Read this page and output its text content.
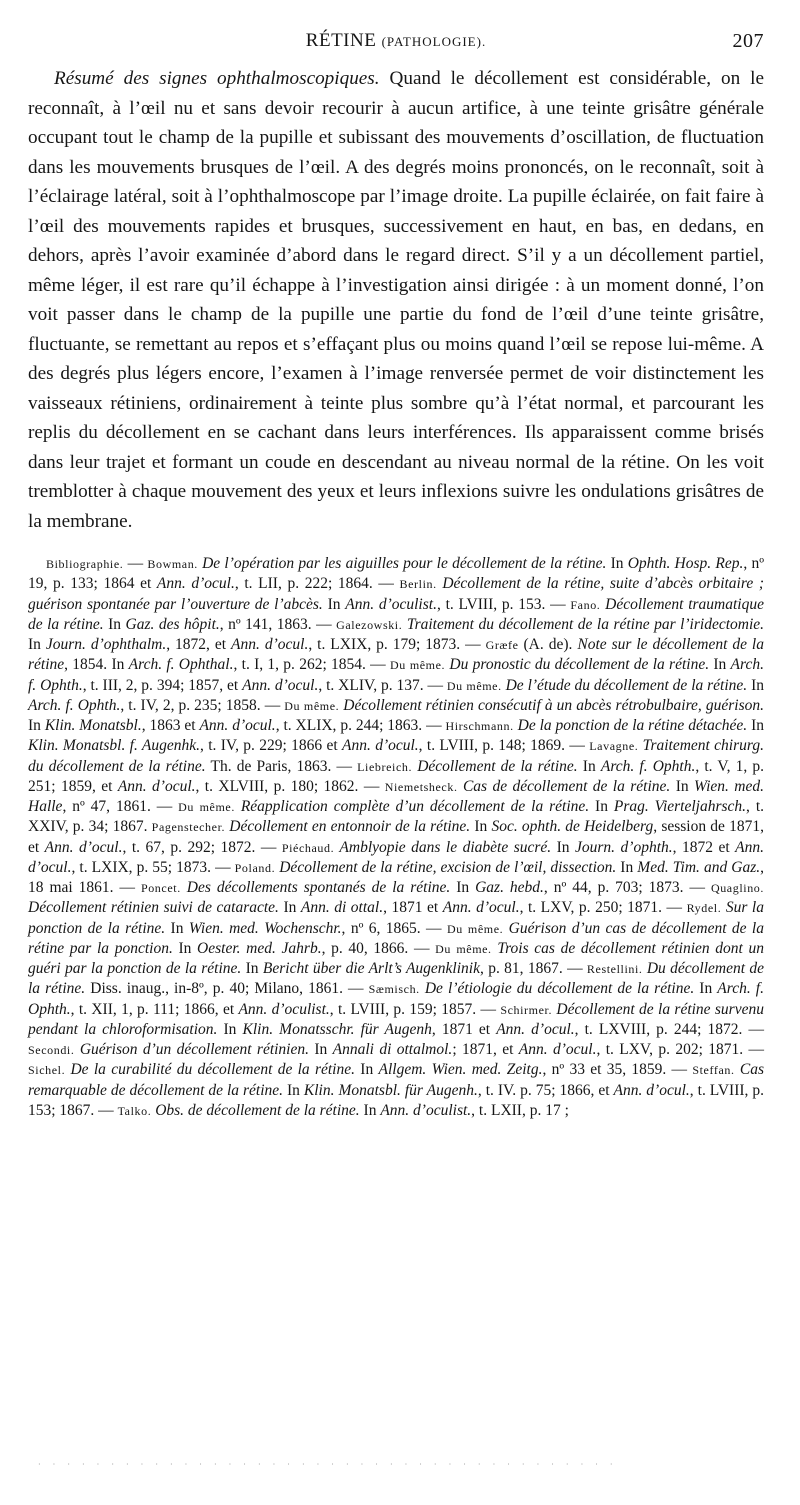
RÉTINE (PATHOLOGIE).	207

Résumé des signes ophthalmoscopiques. Quand le décollement est considérable, on le reconnaît, à l’œil nu et sans devoir recourir à aucun artifice, à une teinte grisâtre générale occupant tout le champ de la pupille et subissant des mouvements d’oscillation, de fluctuation dans les mouvements brusques de l’œil. A des degrés moins prononcés, on le reconnaît, soit à l’éclairage latéral, soit à l’ophthalmoscope par l’image droite. La pupille éclairée, on fait faire à l’œil des mouvements rapides et brusques, successivement en haut, en bas, en dedans, en dehors, après l’avoir examinée d’abord dans le regard direct. S’il y a un décollement partiel, même léger, il est rare qu’il échappe à l’investigation ainsi dirigée : à un moment donné, l’on voit passer dans le champ de la pupille une partie du fond de l’œil d’une teinte grisâtre, fluctuante, se remettant au repos et s’effaçant plus ou moins quand l’œil se repose lui-même. A des degrés plus légers encore, l’examen à l’image renversée permet de voir distinctement les vaisseaux rétiniens, ordinairement à teinte plus sombre qu’à l’état normal, et parcourant les replis du décollement en se cachant dans leurs interférences. Ils apparaissent comme brisés dans leur trajet et formant un coude en descendant au niveau normal de la rétine. On les voit tremblotter à chaque mouvement des yeux et leurs inflexions suivre les ondulations grisâtres de la membrane.

Bibliographie. — Bowman. De l’opération par les aiguilles pour le décollement de la rétine. In Ophth. Hosp. Rep., nº 19, p. 133; 1864 et Ann. d’ocul., t. LII, p. 222; 1864. — Berlin. Décollement de la rétine, suite d’abcès orbitaire ; guérison spontanée par l’ouverture de l’abcès. In Ann. d’oculist., t. LVIII, p. 153. — Fano. Décollement traumatique de la rétine. In Gaz. des hôpit., nº 141, 1863. — Galezowski. Traitement du décollement de la rétine par l’iridectomie. In Journ. d’ophthalm., 1872, et Ann. d’ocul., t. LXIX, p. 179; 1873. — Græfe (A. de). Note sur le décollement de la rétine, 1854. In Arch. f. Ophthal., t. I, 1, p. 262; 1854. — Du même. Du pronostic du décollement de la rétine. In Arch. f. Ophth., t. III, 2, p. 394; 1857, et Ann. d’ocul., t. XLIV, p. 137. — Du même. De l’étude du décollement de la rétine. In Arch. f. Ophth., t. IV, 2, p. 235; 1858. — Du même. Décollement rétinien consécutif à un abcès rétrobulbaire, guérison. In Klin. Monatsbl., 1863 et Ann. d’ocul., t. XLIX, p. 244; 1863. — Hirschmann. De la ponction de la rétine détachée. In Klin. Monatsbl. f. Augenhk., t. IV, p. 229; 1866 et Ann. d’ocul., t. LVIII, p. 148; 1869. — Lavagne. Traitement chirurg. du décollement de la rétine. Th. de Paris, 1863. — Liebreich. Décollement de la rétine. In Arch. f. Ophth., t. V, 1, p. 251; 1859, et Ann. d’ocul., t. XLVIII, p. 180; 1862. — Niemetsheck. Cas de décollement de la rétine. In Wien. med. Halle, nº 47, 1861. — Du même. Réapplication complète d’un décollement de la rétine. In Prag. Vierteljahrsch., t. XXIV, p. 34; 1867. Pagenstecher. Décollement en entonnoir de la rétine. In Soc. ophth. de Heidelberg, session de 1871, et Ann. d’ocul., t. 67, p. 292; 1872. — Piéchaud. Amblyopie dans le diabète sucré. In Journ. d’ophth., 1872 et Ann. d’ocul., t. LXIX, p. 55; 1873. — Poland. Décollement de la rétine, excision de l’œil, dissection. In Med. Tim. and Gaz., 18 mai 1861. — Poncet. Des décollements spontanés de la rétine. In Gaz. hebd., nº 44, p. 703; 1873. — Quaglino. Décollement rétinien suivi de cataracte. In Ann. di ottal., 1871 et Ann. d’ocul., t. LXV, p. 250; 1871. — Rydel. Sur la ponction de la rétine. In Wien. med. Wochenschr., nº 6, 1865. — Du même. Guérison d’un cas de décollement de la rétine par la ponction. In Oester. med. Jahrb., p. 40, 1866. — Du même. Trois cas de décollement rétinien dont un guéri par la ponction de la rétine. In Bericht über die Arlt’s Augenklinik, p. 81, 1867. — Restellini. Du décollement de la rétine. Diss. inaug., in-8º, p. 40; Milano, 1861. — Sæmisch. De l’étiologie du décollement de la rétine. In Arch. f. Ophth., t. XII, 1, p. 111; 1866, et Ann. d’oculist., t. LVIII, p. 159; 1857. — Schirmer. Décollement de la rétine survenu pendant la chloroformisation. In Klin. Monatsschr. für Augenh, 1871 et Ann. d’ocul., t. LXVIII, p. 244; 1872. — Secondi. Guérison d’un décollement rétinien. In Annali di ottalmol.; 1871, et Ann. d’ocul., t. LXV, p. 202; 1871. — Sichel. De la curabilité du décollement de la rétine. In Allgem. Wien. med. Zeitg., nº 33 et 35, 1859. — Steffan. Cas remarquable de décollement de la rétine. In Klin. Monatsbl. für Augenh., t. IV. p. 75; 1866, et Ann. d’ocul., t. LVIII, p. 153; 1867. — Talko. Obs. de décollement de la rétine. In Ann. d’oculist., t. LXII, p. 17 ;

· · · · · · · · · · · · · · · · · · · · · · · · · · · · · · · · · · · · · · · ·
